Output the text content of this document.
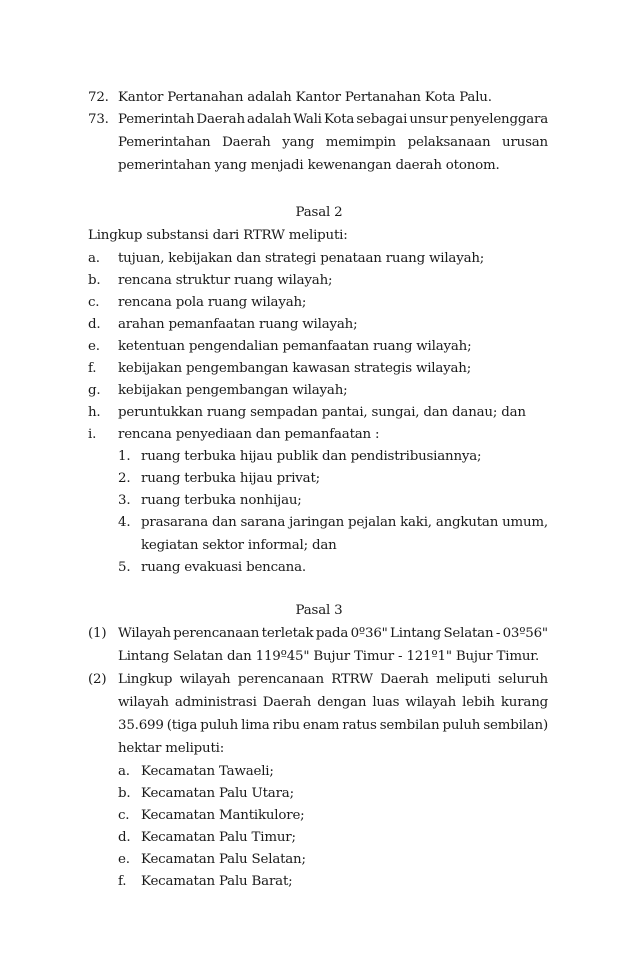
72. Kantor Pertanahan adalah Kantor Pertanahan Kota Palu.
73. Pemerintah Daerah adalah Wali Kota sebagai unsur penyelenggara
Pemerintahan Daerah yang memimpin pelaksanaan urusan
pemerintahan yang menjadi kewenangan daerah otonom.
Pasal 2
Lingkup substansi dari RTRW meliputi:
a. tujuan, kebijakan dan strategi penataan ruang wilayah;
b. rencana struktur ruang wilayah;
c. rencana pola ruang wilayah;
d. arahan pemanfaatan ruang wilayah;
e. ketentuan pengendalian pemanfaatan ruang wilayah;
f. kebijakan pengembangan kawasan strategis wilayah;
g. kebijakan pengembangan wilayah;
h. peruntukkan ruang sempadan pantai, sungai, dan danau; dan
i. rencana penyediaan dan pemanfaatan :
1. ruang terbuka hijau publik dan pendistribusiannya;
2. ruang terbuka hijau privat;
3. ruang terbuka nonhijau;
4. prasarana dan sarana jaringan pejalan kaki, angkutan umum,
kegiatan sektor informal; dan
5. ruang evakuasi bencana.
Pasal 3
(1) Wilayah perencanaan terletak pada 0º36" Lintang Selatan - 03º56"
Lintang Selatan dan 119º45" Bujur Timur - 121º1" Bujur Timur.
(2) Lingkup wilayah perencanaan RTRW Daerah meliputi seluruh
wilayah administrasi Daerah dengan luas wilayah lebih kurang
35.699 (tiga puluh lima ribu enam ratus sembilan puluh sembilan)
hektar meliputi:
a. Kecamatan Tawaeli;
b. Kecamatan Palu Utara;
c. Kecamatan Mantikulore;
d. Kecamatan Palu Timur;
e. Kecamatan Palu Selatan;
f. Kecamatan Palu Barat;
